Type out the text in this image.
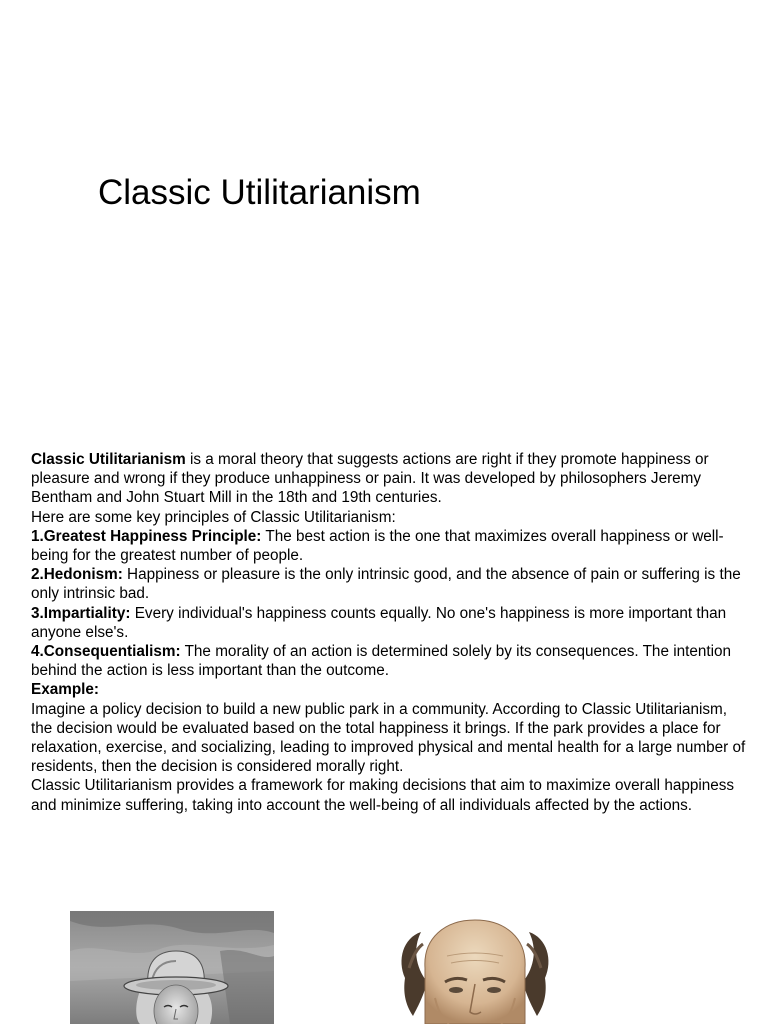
Classic Utilitarianism

Classic Utilitarianism is a moral theory that suggests actions are right if they promote happiness or pleasure and wrong if they produce unhappiness or pain. It was developed by philosophers Jeremy Bentham and John Stuart Mill in the 18th and 19th centuries.

Here are some key principles of Classic Utilitarianism:

1.Greatest Happiness Principle: The best action is the one that maximizes overall happiness or well-being for the greatest number of people.

2.Hedonism: Happiness or pleasure is the only intrinsic good, and the absence of pain or suffering is the only intrinsic bad.

3.Impartiality: Every individual's happiness counts equally. No one's happiness is more important than anyone else's.

4.Consequentialism: The morality of an action is determined solely by its consequences. The intention behind the action is less important than the outcome.

Example:

Imagine a policy decision to build a new public park in a community. According to Classic Utilitarianism, the decision would be evaluated based on the total happiness it brings. If the park provides a place for relaxation, exercise, and socializing, leading to improved physical and mental health for a large number of residents, then the decision is considered morally right.

Classic Utilitarianism provides a framework for making decisions that aim to maximize overall happiness and minimize suffering, taking into account the well-being of all individuals affected by the actions.
